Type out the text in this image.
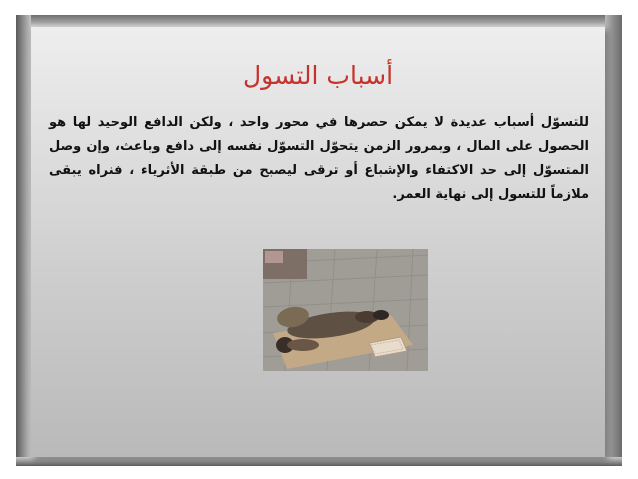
أسباب التسول

للتسوّل أسباب عديدة لا يمكن حصرها في محور واحد ، ولكن الدافع الوحيد لها هو الحصول على المال ، وبمرور الزمن يتحوّل التسوّل نفسه إلى دافع وباعث، وإن وصل المتسوّل إلى حد الاكتفاء والإشباع أو ترقى ليصبح من طبقة الأثرياء ، فنراه يبقى ملازماً للتسول إلى نهاية العمر.
